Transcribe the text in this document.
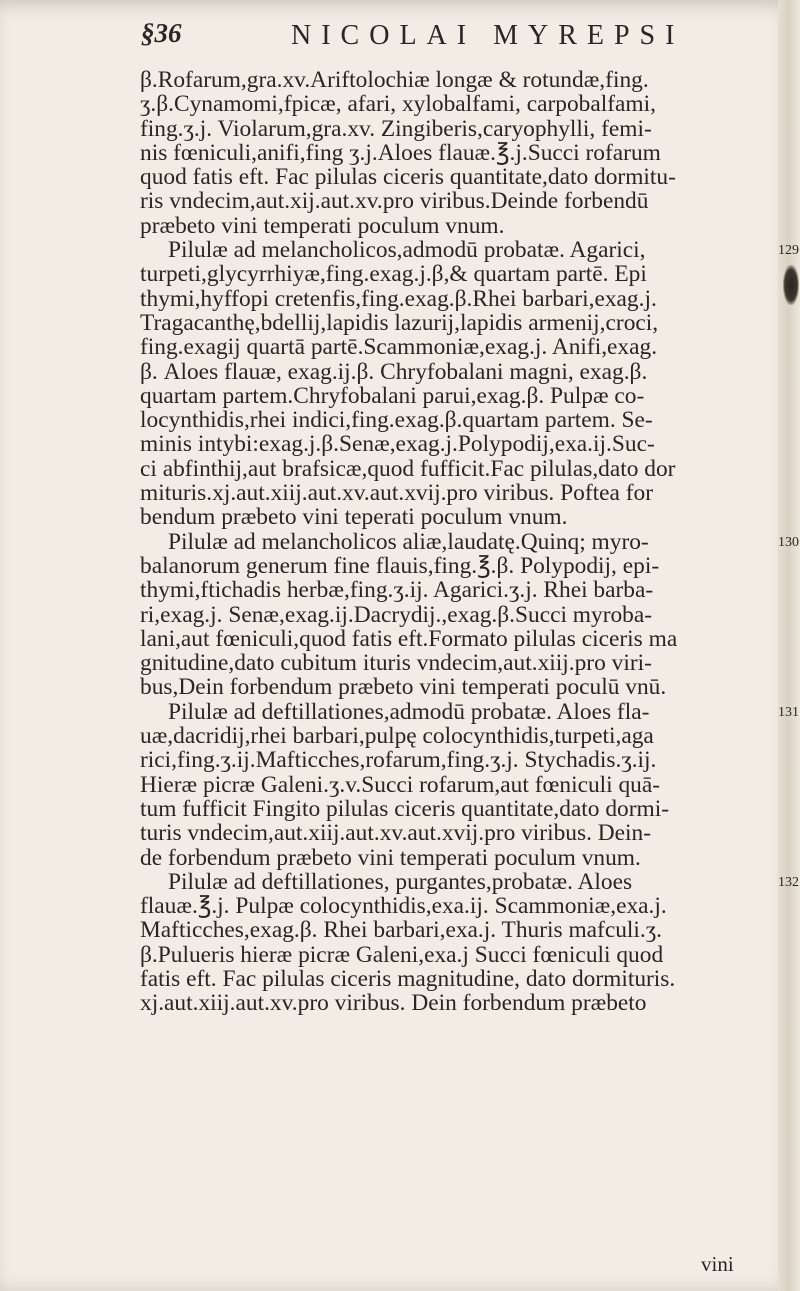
§36	NICOLAI MYREPSI
β.Rofarum,gra.xv.Ariftolochiæ longæ & rotundæ,fing.
ʒ.β.Cynamomi,fpicæ, afari, xylobalfami, carpobalfami,
fing.ʒ.j. Violarum,gra.xv. Zingiberis,caryophylli, femi-
nis fœniculi,anifi,fing ʒ.j.Aloes flauæ.℥.j.Succi rofarum
quod fatis eft. Fac pilulas ciceris quantitate,dato dormitu-
ris vndecim,aut.xij.aut.xv.pro viribus.Deinde forbendū
præbeto vini temperati poculum vnum.
Pilulæ ad melancholicos,admodū probatæ. Agarici,
turpeti,glycyrrhiyæ,fing.exag.j.β,& quartam partē. Epi
thymi,hyffopi cretenfis,fing.exag.β.Rhei barbari,exag.j.
Tragacanthę,bdellij,lapidis lazurij,lapidis armenij,croci,
fing.exagij quartā partē.Scammoniæ,exag.j. Anifi,exag.
β. Aloes flauæ, exag.ij.β. Chryfobalani magni, exag.β.
quartam partem.Chryfobalani parui,exag.β. Pulpæ co-
locynthidis,rhei indici,fing.exag.β.quartam partem. Se-
minis intybi:exag.j.β.Senæ,exag.j.Polypodij,exa.ij.Suc-
ci abfinthij,aut brafsicæ,quod fufficit.Fac pilulas,dato dor
mituris.xj.aut.xiij.aut.xv.aut.xvij.pro viribus. Poftea for
bendum præbeto vini teperati poculum vnum.
Pilulæ ad melancholicos aliæ,laudatę.Quinq; myro-
balanorum generum fine flauis,fing.℥.β. Polypodij, epi-
thymi,ftichadis herbæ,fing.ʒ.ij. Agarici.ʒ.j. Rhei barba-
ri,exag.j. Senæ,exag.ij.Dacrydij.,exag.β.Succi myroba-
lani,aut fœniculi,quod fatis eft.Formato pilulas ciceris ma
gnitudine,dato cubitum ituris vndecim,aut.xiij.pro viri-
bus,Dein forbendum præbeto vini temperati poculū vnū.
Pilulæ ad deftillationes,admodū probatæ. Aloes fla-
uæ,dacridij,rhei barbari,pulpę colocynthidis,turpeti,aga
rici,fing.ʒ.ij.Mafticches,rofarum,fing.ʒ.j. Stychadis.ʒ.ij.
Hieræ picræ Galeni.ʒ.v.Succi rofarum,aut fœniculi quā-
tum fufficit Fingito pilulas ciceris quantitate,dato dormi-
turis vndecim,aut.xiij.aut.xv.aut.xvij.pro viribus. Dein-
de forbendum præbeto vini temperati poculum vnum.
Pilulæ ad deftillationes, purgantes,probatæ. Aloes
flauæ.℥.j. Pulpæ colocynthidis,exa.ij. Scammoniæ,exa.j.
Mafticches,exag.β. Rhei barbari,exa.j. Thuris mafculi.ʒ.
β.Pulueris hieræ picræ Galeni,exa.j Succi fœniculi quod
fatis eft. Fac pilulas ciceris magnitudine, dato dormituris.
xj.aut.xiij.aut.xv.pro viribus. Dein forbendum præbeto
129
130
131
132
vini
